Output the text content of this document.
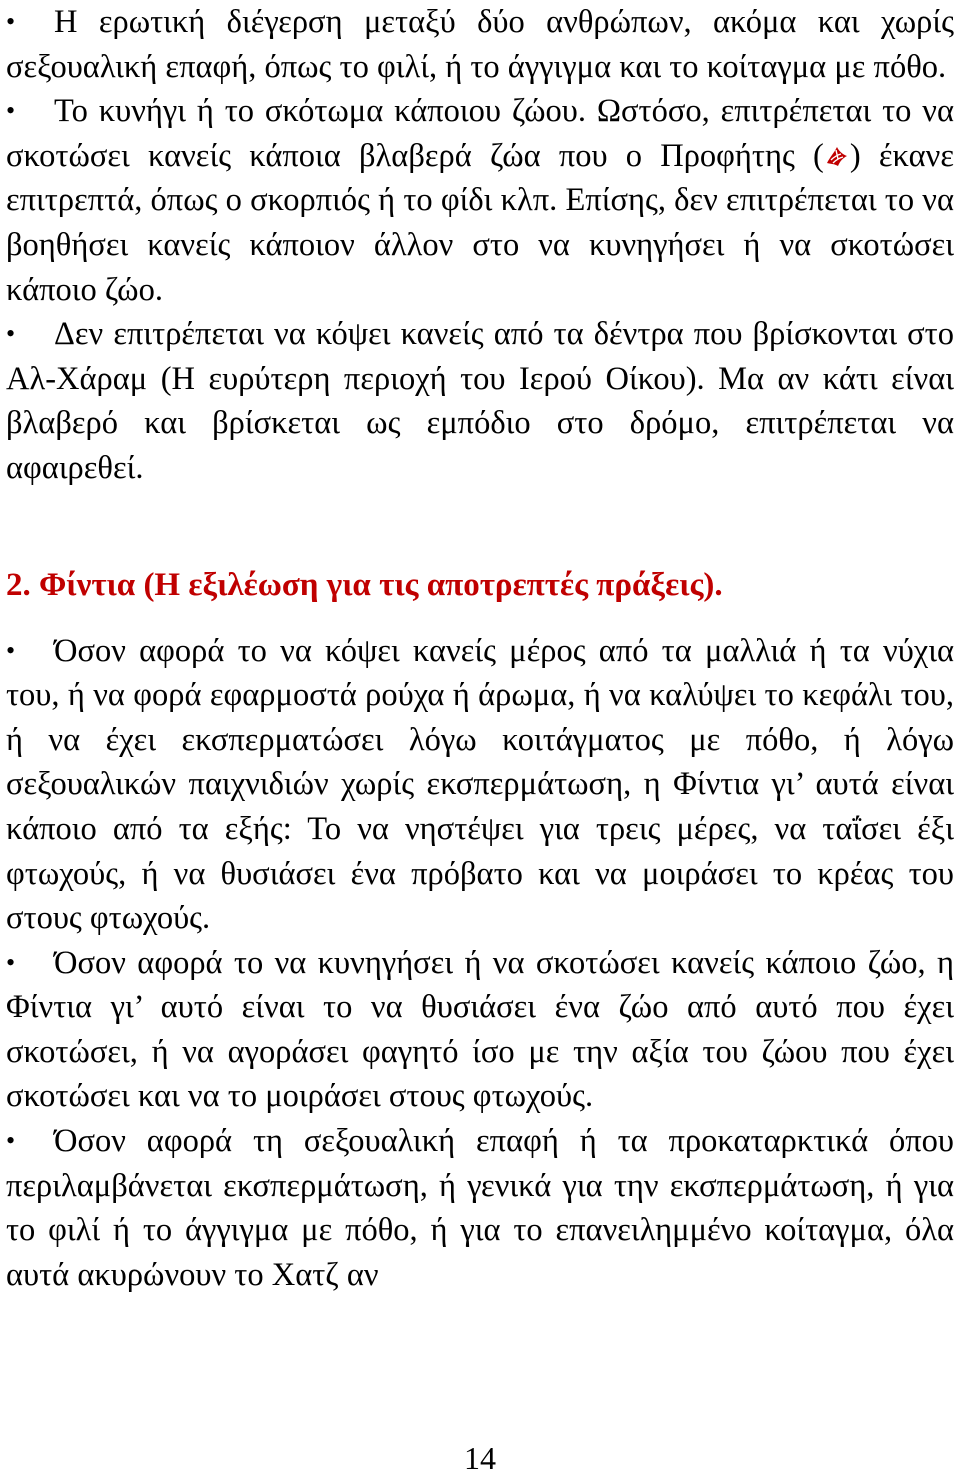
• Η ερωτική διέγερση μεταξύ δύο ανθρώπων, ακόμα και χωρίς σεξουαλική επαφή, όπως το φιλί, ή το άγγιγμα και το κοίταγμα με πόθο.

• Το κυνήγι ή το σκότωμα κάποιου ζώου. Ωστόσο, επιτρέπεται το να σκοτώσει κανείς κάποια βλαβερά ζώα που ο Προφήτης ( ) έκανε επιτρεπτά, όπως ο σκορπιός ή το φίδι κλπ. Επίσης, δεν επιτρέπεται το να βοηθήσει κανείς κάποιον άλλον στο να κυνηγήσει ή να σκοτώσει κάποιο ζώο.

• Δεν επιτρέπεται να κόψει κανείς από τα δέντρα που βρίσκονται στο Αλ-Χάραμ (Η ευρύτερη περιοχή του Ιερού Οίκου). Μα αν κάτι είναι βλαβερό και βρίσκεται ως εμπόδιο στο δρόμο, επιτρέπεται να αφαιρεθεί.

2. Φίντια (Η εξιλέωση για τις αποτρεπτές πράξεις).

• Όσον αφορά το να κόψει κανείς μέρος από τα μαλλιά ή τα νύχια του, ή να φορά εφαρμοστά ρούχα ή άρωμα, ή να καλύψει το κεφάλι του, ή να έχει εκσπερματώσει λόγω κοιτάγματος με πόθο, ή λόγω σεξουαλικών παιχνιδιών χωρίς εκσπερμάτωση, η Φίντια γι’ αυτά είναι κάποιο από τα εξής: Το να νηστέψει για τρεις μέρες, να ταΐσει έξι φτωχούς, ή να θυσιάσει ένα πρόβατο και να μοιράσει το κρέας του στους φτωχούς.

• Όσον αφορά το να κυνηγήσει ή να σκοτώσει κανείς κάποιο ζώο, η Φίντια γι’ αυτό είναι το να θυσιάσει ένα ζώο από αυτό που έχει σκοτώσει, ή να αγοράσει φαγητό ίσο με την αξία του ζώου που έχει σκοτώσει και να το μοιράσει στους φτωχούς.

• Όσον αφορά τη σεξουαλική επαφή ή τα προκαταρκτικά όπου περιλαμβάνεται εκσπερμάτωση, ή γενικά για την εκσπερμάτωση, ή για το φιλί ή το άγγιγμα με πόθο, ή για το επανειλημμένο κοίταγμα, όλα αυτά ακυρώνουν το Χατζ αν

14
